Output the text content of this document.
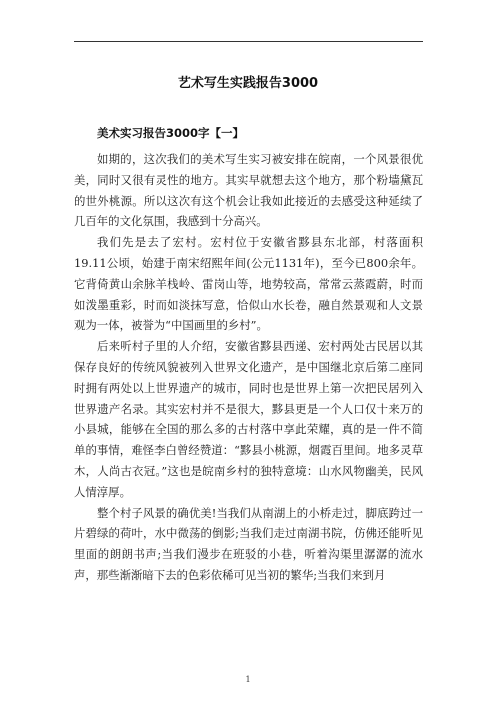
艺术写生实践报告3000
美术实习报告3000字【一】

如期的，这次我们的美术写生实习被安排在皖南，一个风景很优美，同时又很有灵性的地方。其实早就想去这个地方，那个粉墙黛瓦的世外桃源。所以这次有这个机会让我如此接近的去感受这种延续了几百年的文化氛围，我感到十分高兴。

我们先是去了宏村。宏村位于安徽省黟县东北部，村落面积19.11公顷，始建于南宋绍熙年间(公元1131年)，至今已800余年。它背倚黄山余脉羊栈岭、雷岗山等，地势较高，常常云蒸霞蔚，时而如泼墨重彩，时而如淡抹写意，恰似山水长卷，融自然景观和人文景观为一体，被誉为“中国画里的乡村”。

后来听村子里的人介绍，安徽省黟县西递、宏村两处古民居以其保存良好的传统风貌被列入世界文化遗产，是中国继北京后第二座同时拥有两处以上世界遗产的城市，同时也是世界上第一次把民居列入世界遗产名录。其实宏村并不是很大，黟县更是一个人口仅十来万的小县城，能够在全国的那么多的古村落中享此荣耀，真的是一件不简单的事情，难怪李白曾经赞道：“黟县小桃源，烟霞百里间。地多灵草木，人尚古衣冠。”这也是皖南乡村的独特意境：山水风物幽美，民风人情淳厚。

整个村子风景的确优美!当我们从南湖上的小桥走过，脚底跨过一片碧绿的荷叶，水中微荡的倒影;当我们走过南湖书院，仿佛还能听见里面的朗朗书声;当我们漫步在班驳的小巷，听着沟渠里潺潺的流水声，那些渐渐暗下去的色彩依稀可见当初的繁华;当我们来到月

1
